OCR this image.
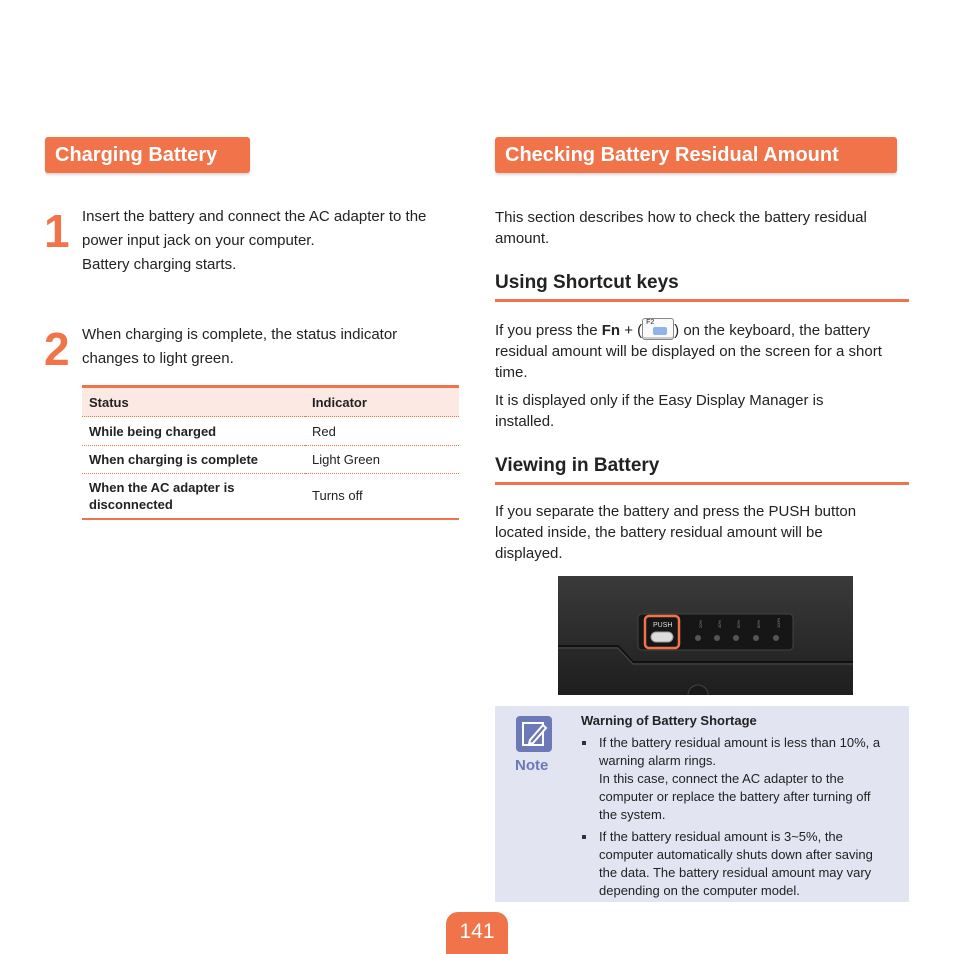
Charging Battery
1 Insert the battery and connect the AC adapter to the
power input jack on your computer.
Battery charging starts.
2 When charging is complete, the status indicator
changes to light green.
Status	Indicator
While being charged	Red
When charging is complete	Light Green
When the AC adapter is disconnected	Turns off
Checking Battery Residual Amount
This section describes how to check the battery residual
amount.
Using Shortcut keys
If you press the Fn + ( F2 ) on the keyboard, the battery
residual amount will be displayed on the screen for a short
time.
It is displayed only if the Easy Display Manager is
installed.
Viewing in Battery
If you separate the battery and press the PUSH button
located inside, the battery residual amount will be
displayed.
PUSH	20%	40%	60%	80%	100%
Note
Warning of Battery Shortage
If the battery residual amount is less than 10%, a
warning alarm rings.
In this case, connect the AC adapter to the
computer or replace the battery after turning off
the system.
If the battery residual amount is 3~5%, the
computer automatically shuts down after saving
the data. The battery residual amount may vary
depending on the computer model.
141
